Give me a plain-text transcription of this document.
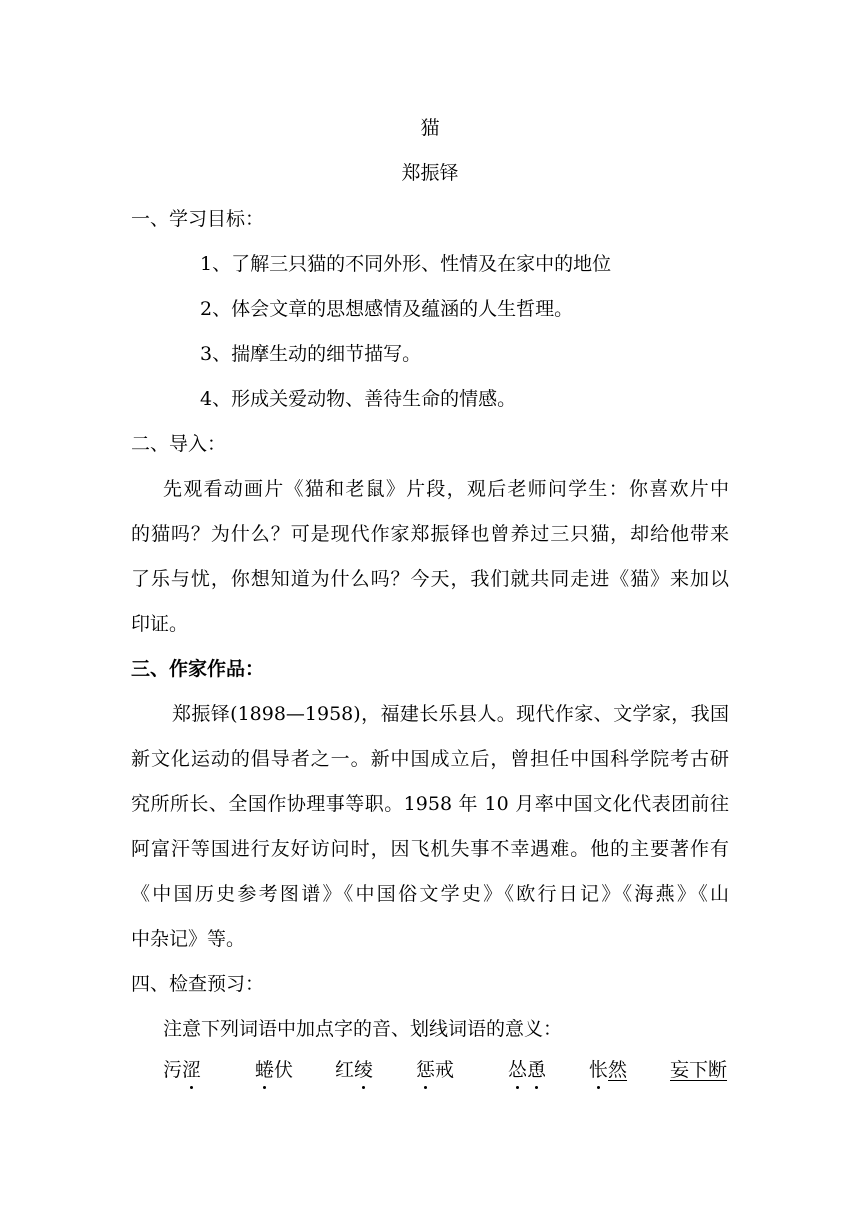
猫
郑振铎
一、学习目标：
1、了解三只猫的不同外形、性情及在家中的地位
2、体会文章的思想感情及蕴涵的人生哲理。
3、揣摩生动的细节描写。
4、形成关爱动物、善待生命的情感。
二、导入：
先观看动画片《猫和老鼠》片段，观后老师问学生：你喜欢片中
的猫吗？为什么？可是现代作家郑振铎也曾养过三只猫，却给他带来
了乐与忧，你想知道为什么吗？今天，我们就共同走进《猫》来加以
印证。
三、作家作品：
郑振铎(1898—1958)，福建长乐县人。现代作家、文学家，我国
新文化运动的倡导者之一。新中国成立后，曾担任中国科学院考古研
究所所长、全国作协理事等职。1958 年 10 月率中国文化代表团前往
阿富汗等国进行友好访问时，因飞机失事不幸遇难。他的主要著作有
《中国历史参考图谱》《中国俗文学史》《欧行日记》《海燕》《山
中杂记》等。
四、检查预习：
注意下列词语中加点字的音、划线词语的意义：
污涩	蜷伏 红绫 惩戒	怂恿 怅然 妄下断
